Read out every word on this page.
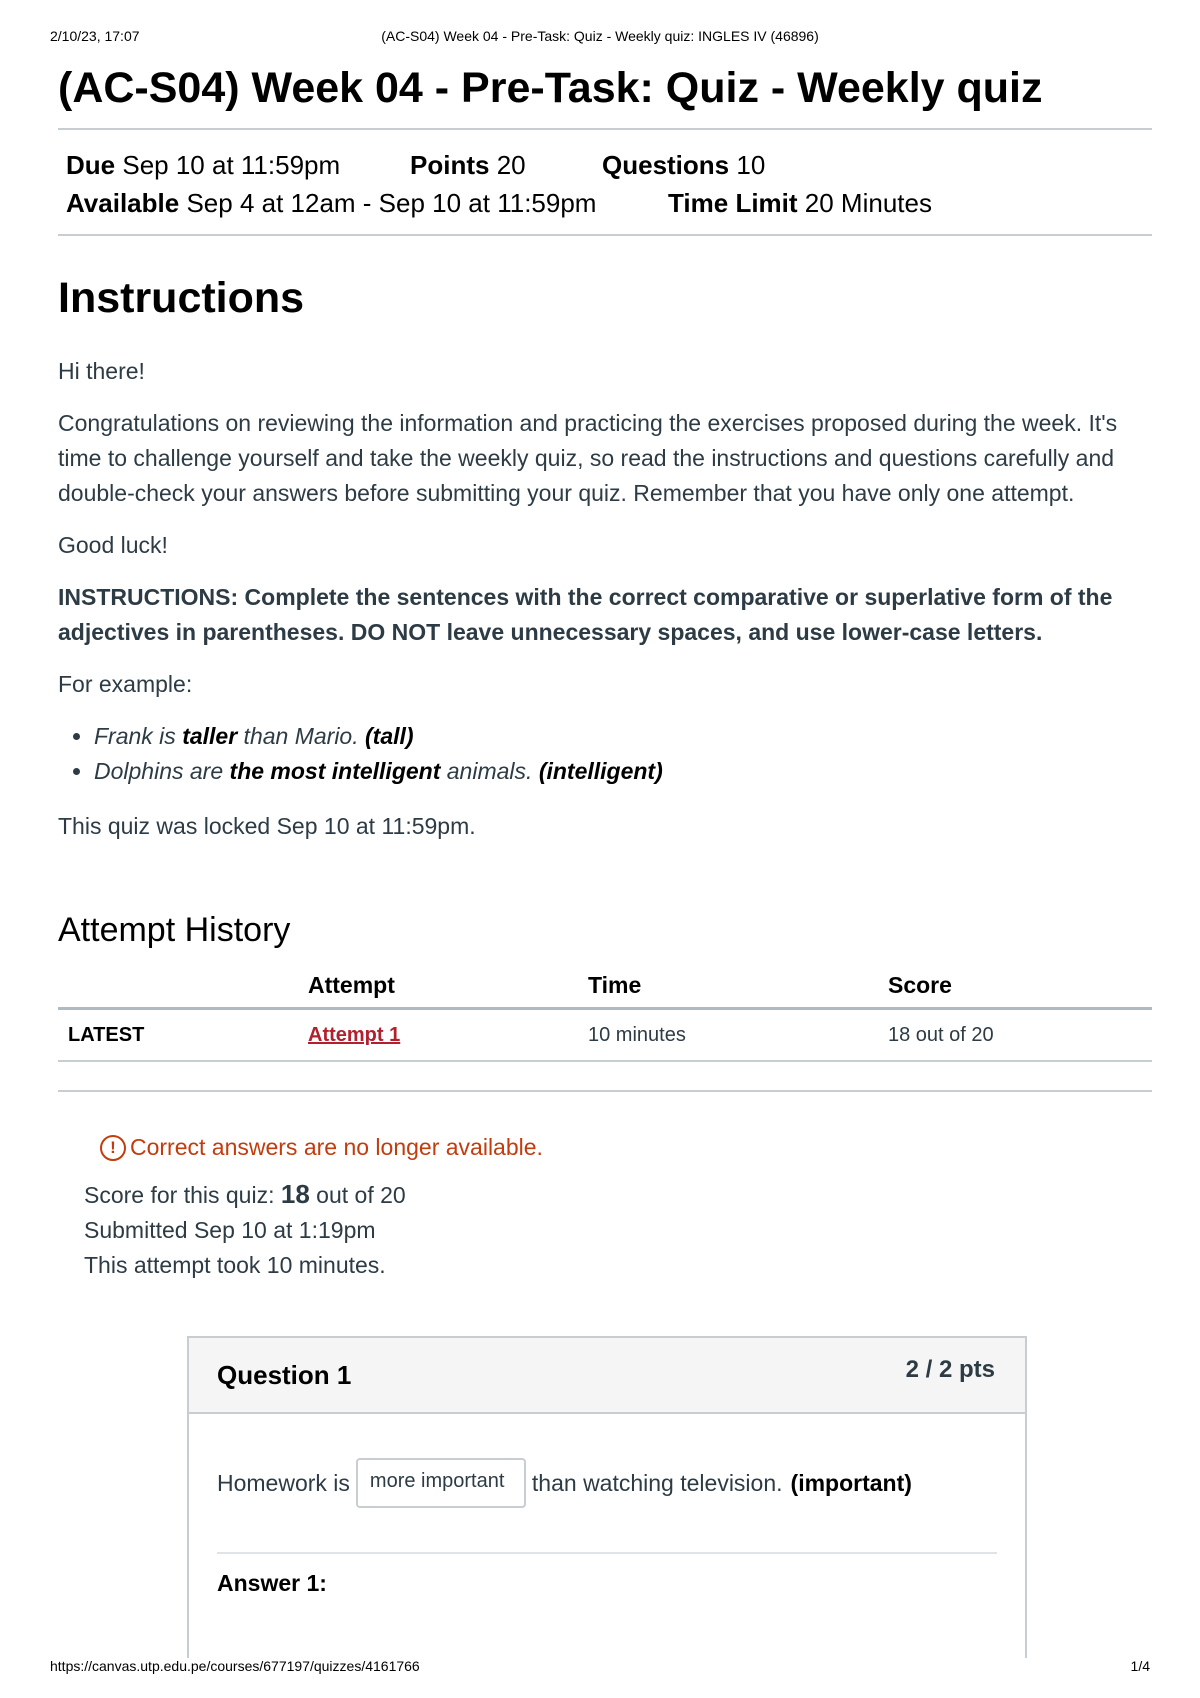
2/10/23, 17:07	(AC-S04) Week 04 - Pre-Task: Quiz - Weekly quiz: INGLES IV (46896)
(AC-S04) Week 04 - Pre-Task: Quiz - Weekly quiz
Due Sep 10 at 11:59pm	Points 20	Questions 10
Available Sep 4 at 12am - Sep 10 at 11:59pm	Time Limit 20 Minutes
Instructions

Hi there!

Congratulations on reviewing the information and practicing the exercises proposed during the week. It's time to challenge yourself and take the weekly quiz, so read the instructions and questions carefully and double-check your answers before submitting your quiz. Remember that you have only one attempt.

Good luck!

INSTRUCTIONS: Complete the sentences with the correct comparative or superlative form of the adjectives in parentheses. DO NOT leave unnecessary spaces, and use lower-case letters.

For example:

• Frank is taller than Mario. (tall)
• Dolphins are the most intelligent animals. (intelligent)

This quiz was locked Sep 10 at 11:59pm.

Attempt History
	Attempt	Time	Score
LATEST	Attempt 1	10 minutes	18 out of 20
! Correct answers are no longer available.
Score for this quiz: 18 out of 20
Submitted Sep 10 at 1:19pm
This attempt took 10 minutes.
Question 1	2 / 2 pts
Homework is	more important	than watching television. (important)
Answer 1:
https://canvas.utp.edu.pe/courses/677197/quizzes/4161766	1/4
